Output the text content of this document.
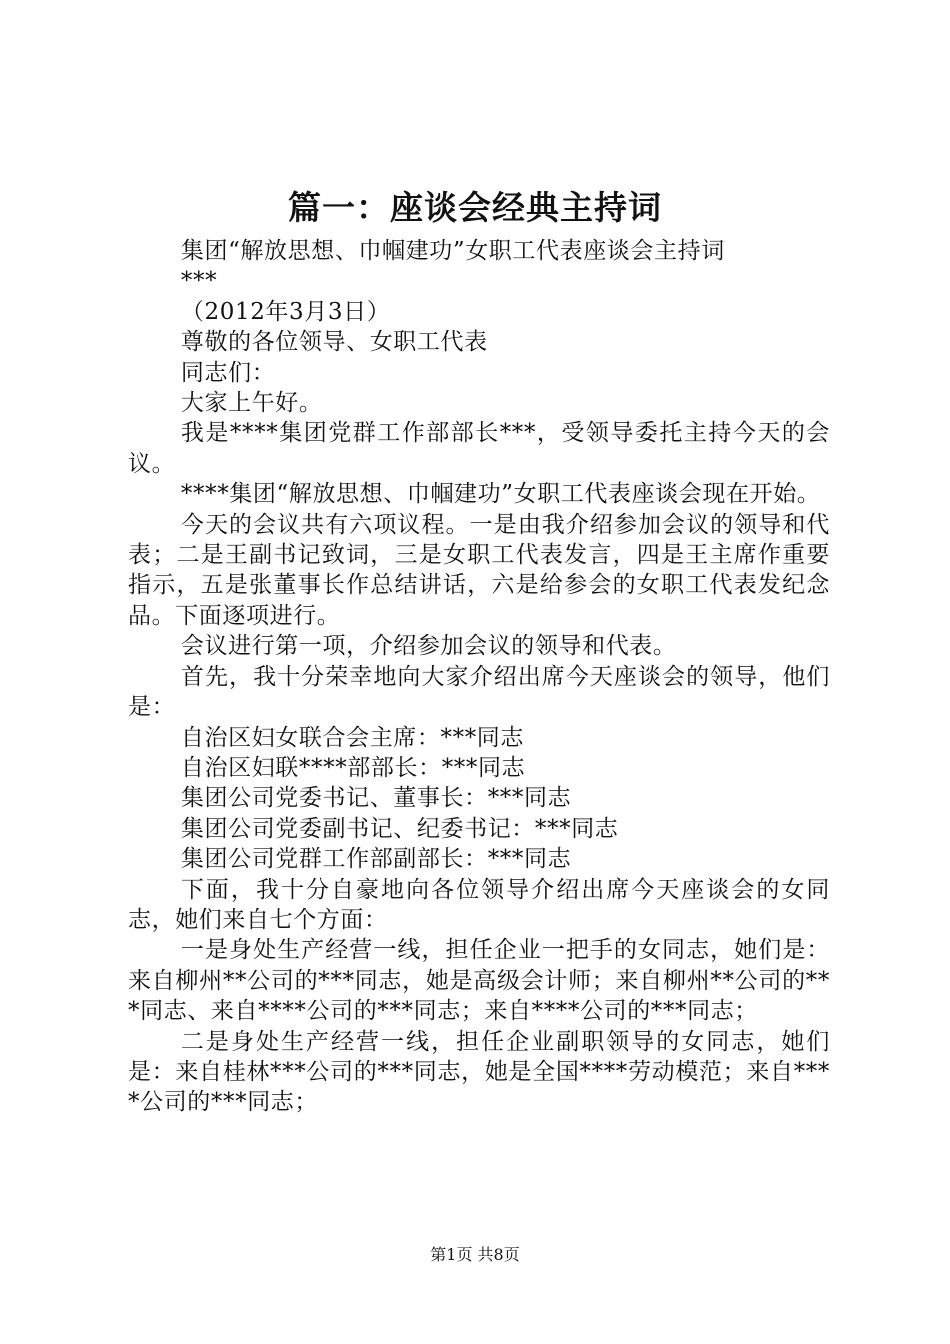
篇一：座谈会经典主持词

集团“解放思想、巾帼建功”女职工代表座谈会主持词

***

（2012年3月3日）

尊敬的各位领导、女职工代表

同志们：

大家上午好。

我是****集团党群工作部部长***，受领导委托主持今天的会议。

****集团“解放思想、巾帼建功”女职工代表座谈会现在开始。

今天的会议共有六项议程。一是由我介绍参加会议的领导和代表；二是王副书记致词，三是女职工代表发言，四是王主席作重要指示，五是张董事长作总结讲话，六是给参会的女职工代表发纪念品。下面逐项进行。

会议进行第一项，介绍参加会议的领导和代表。

首先，我十分荣幸地向大家介绍出席今天座谈会的领导，他们是：

自治区妇女联合会主席：***同志

自治区妇联****部部长：***同志

集团公司党委书记、董事长：***同志

集团公司党委副书记、纪委书记：***同志

集团公司党群工作部副部长：***同志

下面，我十分自豪地向各位领导介绍出席今天座谈会的女同志，她们来自七个方面：

一是身处生产经营一线，担任企业一把手的女同志，她们是：来自柳州**公司的***同志，她是高级会计师；来自柳州**公司的***同志、来自****公司的***同志；来自****公司的***同志；

二是身处生产经营一线，担任企业副职领导的女同志，她们是：来自桂林***公司的***同志，她是全国****劳动模范；来自****公司的***同志；

第1页 共8页
